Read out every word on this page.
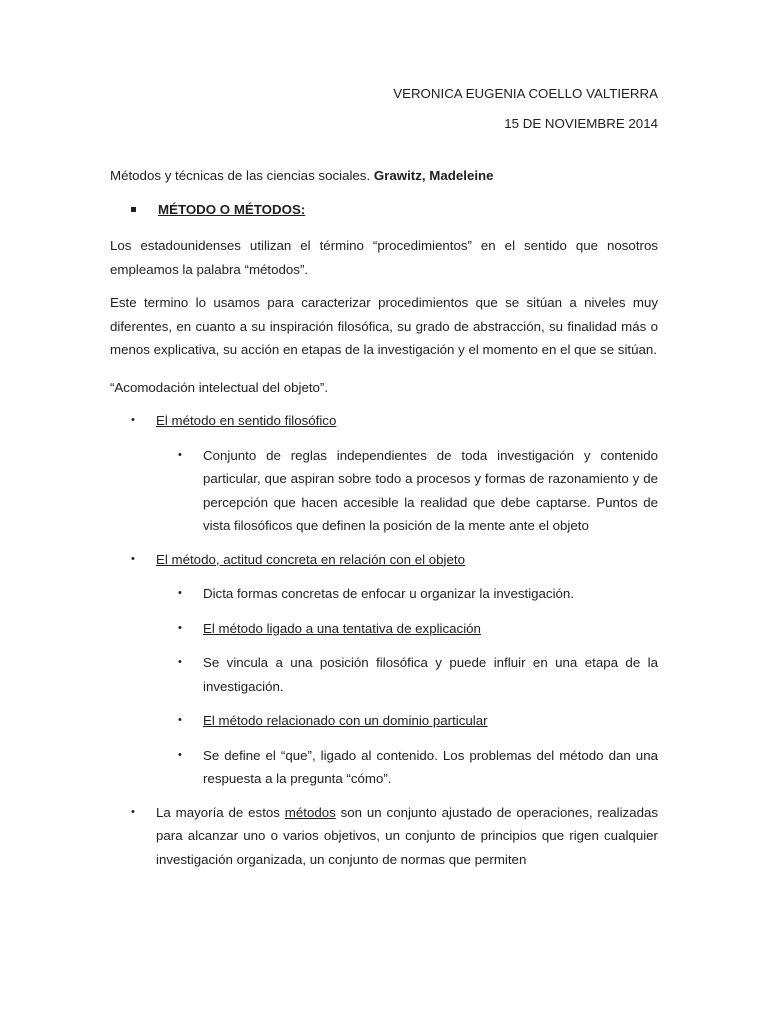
VERONICA EUGENIA COELLO VALTIERRA
15 DE NOVIEMBRE 2014
Métodos y técnicas de las ciencias sociales. Grawitz, Madeleine
MÉTODO O MÉTODOS:

Los estadounidenses utilizan el término “procedimientos” en el sentido que nosotros empleamos la palabra “métodos”.

Este termino lo usamos para caracterizar procedimientos que se sitúan a niveles muy diferentes, en cuanto a su inspiración filosófica, su grado de abstracción, su finalidad más o menos explicativa, su acción en etapas de la investigación y el momento en el que se sitúan.

“Acomodación intelectual del objeto”.

• El método en sentido filosófico
• Conjunto de reglas independientes de toda investigación y contenido particular, que aspiran sobre todo a procesos y formas de razonamiento y de percepción que hacen accesible la realidad que debe captarse. Puntos de vista filosóficos que definen la posición de la mente ante el objeto
• El método, actitud concreta en relación con el objeto
• Dicta formas concretas de enfocar u organizar la investigación.
• El método ligado a una tentativa de explicación
• Se vincula a una posición filosófica y puede influir en una etapa de la investigación.
• El método relacionado con un dominio particular
• Se define el “que”, ligado al contenido. Los problemas del método dan una respuesta a la pregunta “cómo”.
• La mayoría de estos métodos son un conjunto ajustado de operaciones, realizadas para alcanzar uno o varios objetivos, un conjunto de principios que rigen cualquier investigación organizada, un conjunto de normas que permiten
